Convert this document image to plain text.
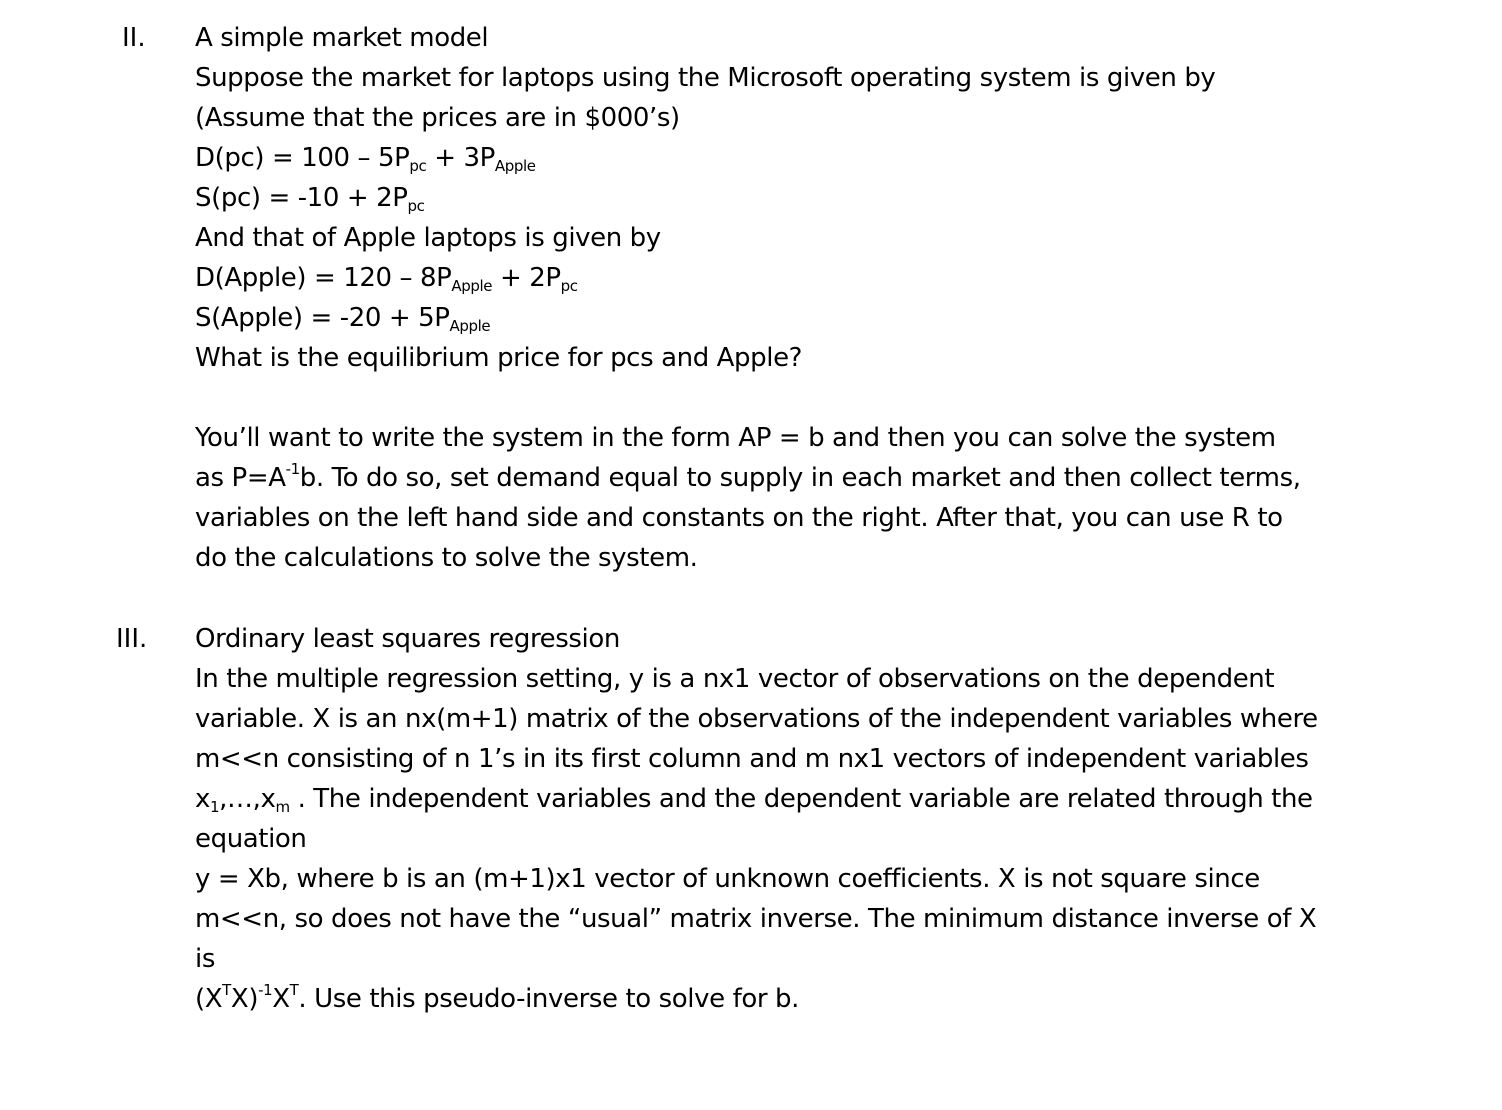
II. A simple market model
Suppose the market for laptops using the Microsoft operating system is given by
(Assume that the prices are in $000’s)
$D(pc) = 100 - 5P_{pc} + 3P_{Apple}$
$S(pc) = -10 + 2P_{pc}$
And that of Apple laptops is given by
D(Apple) = $120 - 8P_{Apple} + 2P_{pc}$
S(Apple) = $-20 + 5P_{Apple}$
What is the equilibrium price for pcs and Apple?
You’ll want to write the system in the form AP = b and then you can solve the system
as $P=A^{-1}b$. To do so, set demand equal to supply in each market and then collect terms,
variables on the left hand side and constants on the right. After that, you can use R to
do the calculations to solve the system.
III. Ordinary least squares regression
In the multiple regression setting, y is a nx1 vector of observations on the dependent
variable. X is an nx(m+1) matrix of the observations of the independent variables where
m<<n consisting of n 1’s in its first column and m nx1 vectors of independent variables
$x_1,\dots,x_m$ . The independent variables and the dependent variable are related through the
equation
y = Xb, where b is an (m+1)x1 vector of unknown coefficients. X is not square since
m<<n, so does not have the “usual” matrix inverse. The minimum distance inverse of X
is
$(X^TX)^{-1}X^T$. Use this pseudo-inverse to solve for b.
